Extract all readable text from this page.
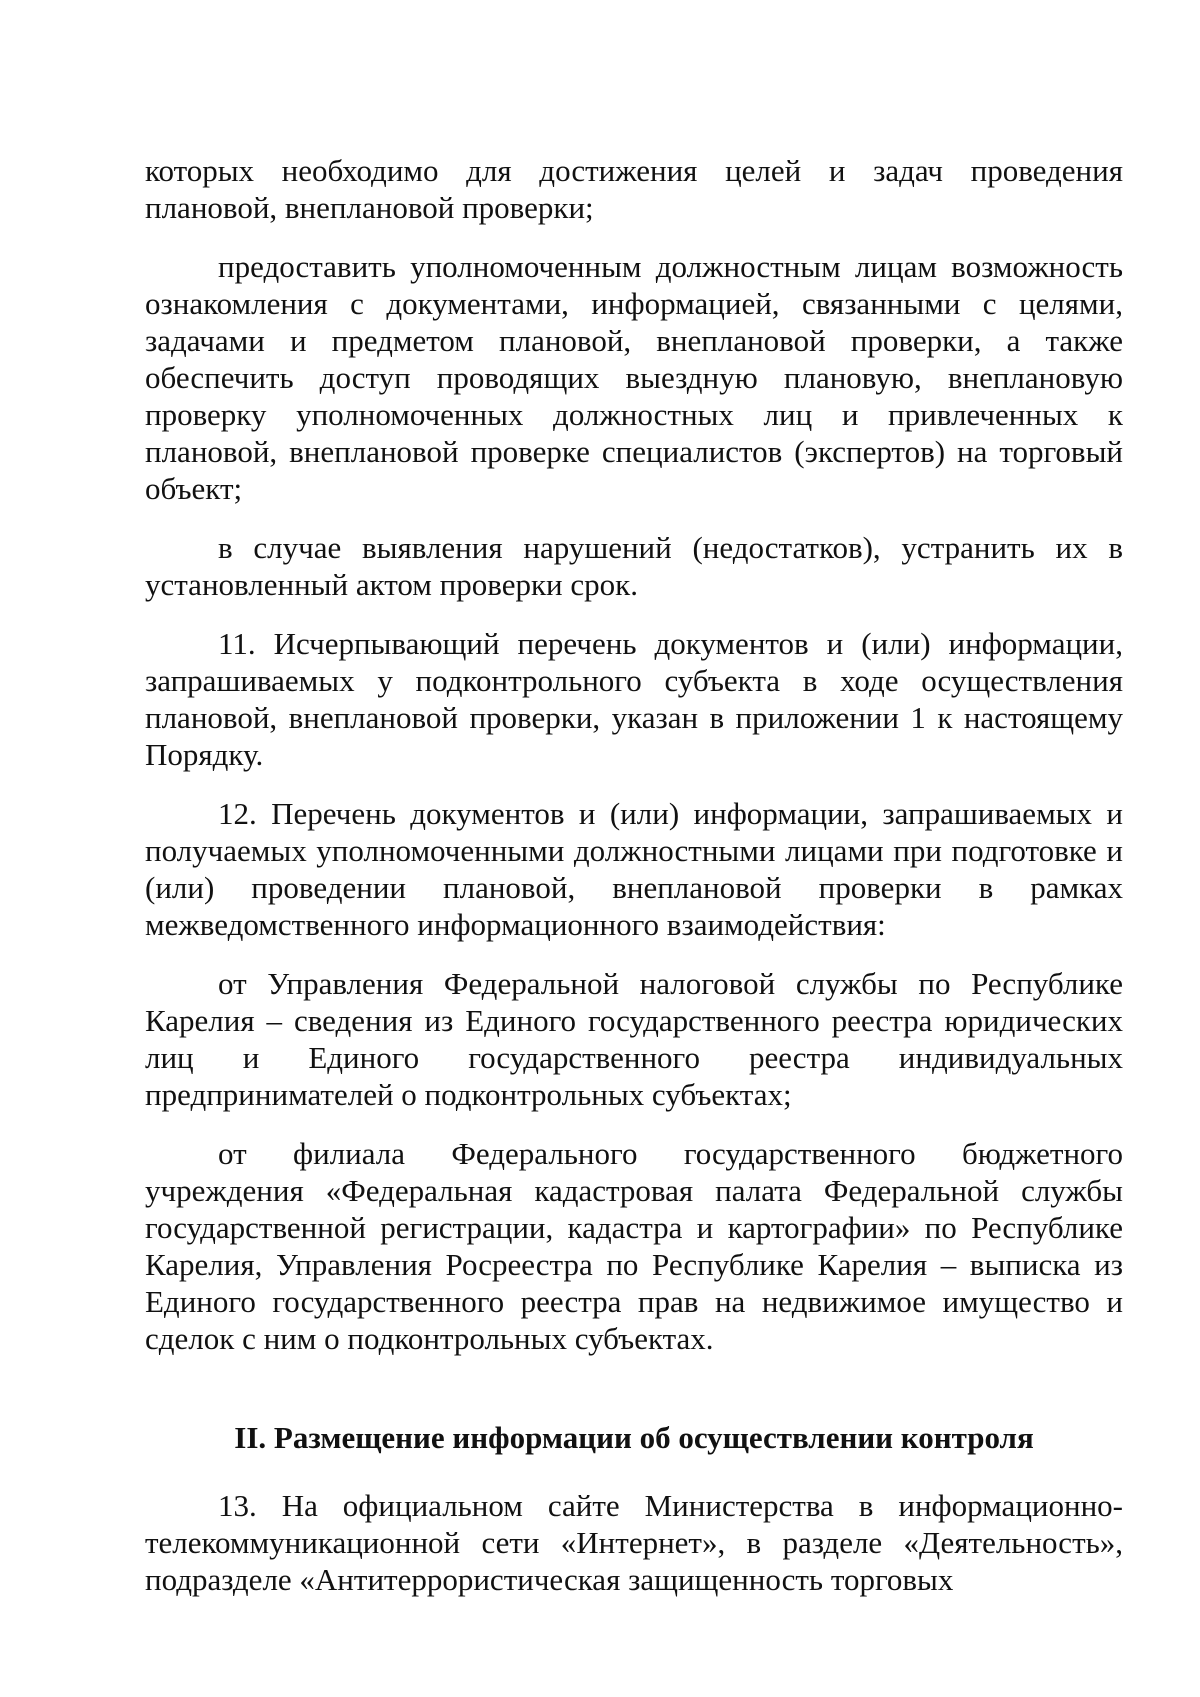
которых необходимо для достижения целей и задач проведения плановой, внеплановой проверки;

предоставить уполномоченным должностным лицам возможность ознакомления с документами, информацией, связанными с целями, задачами и предметом плановой, внеплановой проверки, а также обеспечить доступ проводящих выездную плановую, внеплановую проверку уполномоченных должностных лиц и привлеченных к плановой, внеплановой проверке специалистов (экспертов) на торговый объект;

в случае выявления нарушений (недостатков), устранить их в установленный актом проверки срок.

11. Исчерпывающий перечень документов и (или) информации, запрашиваемых у подконтрольного субъекта в ходе осуществления плановой, внеплановой проверки, указан в приложении 1 к настоящему Порядку.

12. Перечень документов и (или) информации, запрашиваемых и получаемых уполномоченными должностными лицами при подготовке и (или) проведении плановой, внеплановой проверки в рамках межведомственного информационного взаимодействия:

от Управления Федеральной налоговой службы по Республике Карелия – сведения из Единого государственного реестра юридических лиц и Единого государственного реестра индивидуальных предпринимателей о подконтрольных субъектах;

от филиала Федерального государственного бюджетного учреждения «Федеральная кадастровая палата Федеральной службы государственной регистрации, кадастра и картографии» по Республике Карелия, Управления Росреестра по Республике Карелия – выписка из Единого государственного реестра прав на недвижимое имущество и сделок с ним о подконтрольных субъектах.

II. Размещение информации об осуществлении контроля

13. На официальном сайте Министерства в информационно-телекоммуникационной сети «Интернет», в разделе «Деятельность», подразделе «Антитеррористическая защищенность торговых
